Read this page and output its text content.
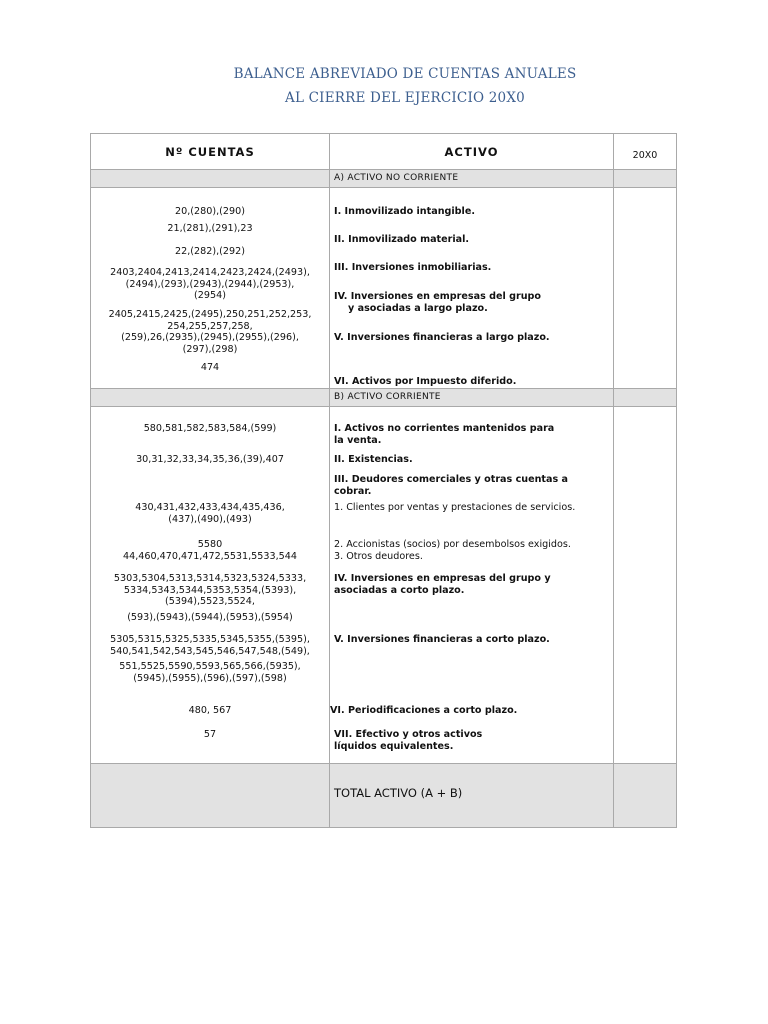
BALANCE ABREVIADO DE CUENTAS ANUALES
AL CIERRE DEL EJERCICIO 20X0
Nº CUENTAS	ACTIVO	20X0
A) ACTIVO NO CORRIENTE
B) ACTIVO CORRIENTE
20,(280),(290)
21,(281),(291),23
22,(282),(292)
2403,2404,2413,2414,2423,2424,(2493),
(2494),(293),(2943),(2944),(2953),
(2954)
2405,2415,2425,(2495),250,251,252,253,
254,255,257,258,
(259),26,(2935),(2945),(2955),(296),
(297),(298)
474
I. Inmovilizado intangible.
II. Inmovilizado material.
III. Inversiones inmobiliarias.
IV. Inversiones en empresas del grupo
y asociadas a largo plazo.
V. Inversiones financieras a largo plazo.
VI. Activos por Impuesto diferido.
580,581,582,583,584,(599)
30,31,32,33,34,35,36,(39),407
430,431,432,433,434,435,436,
(437),(490),(493)
5580
44,460,470,471,472,5531,5533,544
5303,5304,5313,5314,5323,5324,5333,
5334,5343,5344,5353,5354,(5393),
(5394),5523,5524,
(593),(5943),(5944),(5953),(5954)
5305,5315,5325,5335,5345,5355,(5395),
540,541,542,543,545,546,547,548,(549),
551,5525,5590,5593,565,566,(5935),
(5945),(5955),(596),(597),(598)
480, 567
57
I. Activos no corrientes mantenidos para
la venta.
II. Existencias.
III. Deudores comerciales y otras cuentas a
cobrar.
1. Clientes por ventas y prestaciones de servicios.
2. Accionistas (socios) por desembolsos exigidos.
3. Otros deudores.
IV. Inversiones en empresas del grupo y
asociadas a corto plazo.
V. Inversiones financieras a corto plazo.
VI. Periodificaciones a corto plazo.
VII. Efectivo y otros activos
líquidos equivalentes.
TOTAL ACTIVO (A + B)
